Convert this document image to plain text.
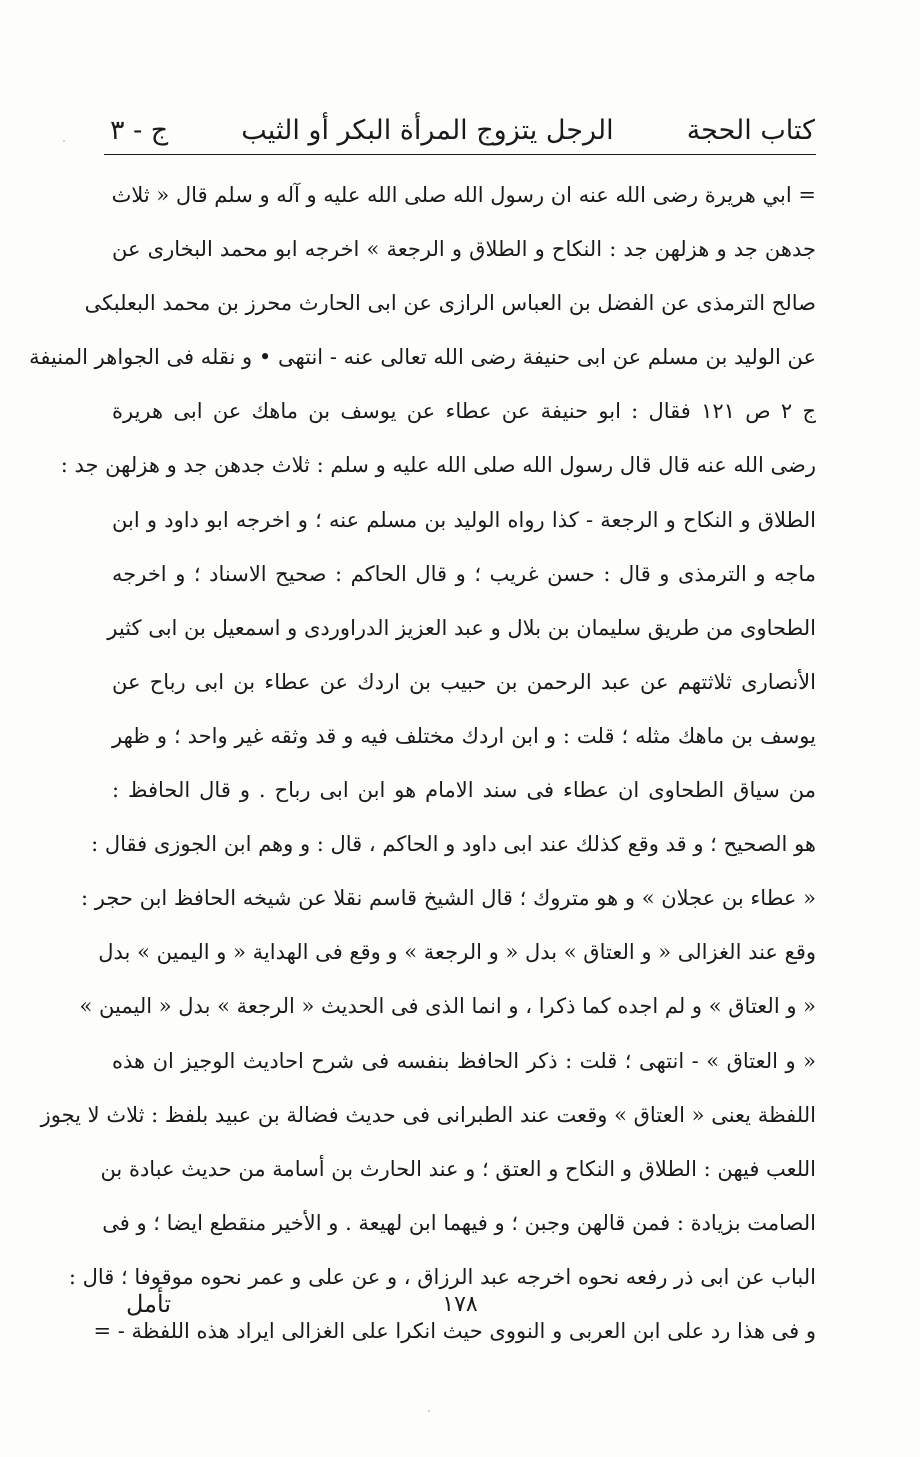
كتاب الحجة
الرجل يتزوج المرأة البكر أو الثيب
ج - ٣
= ابي هريرة رضى الله عنه ان رسول الله صلى الله عليه و آله و سلم قال « ثلاث
جدهن جد و هزلهن جد : النكاح و الطلاق و الرجعة » اخرجه ابو محمد البخارى عن
صالح الترمذى عن الفضل بن العباس الرازى عن ابى الحارث محرز بن محمد البعلبكى
عن الوليد بن مسلم عن ابى حنيفة رضى الله تعالى عنه - انتهى • و نقله فى الجواهر المنيفة
ج ٢ ص ١٢١ فقال : ابو حنيفة عن عطاء عن يوسف بن ماهك عن ابى هريرة
رضى الله عنه قال قال رسول الله صلى الله عليه و سلم : ثلاث جدهن جد و هزلهن جد :
الطلاق و النكاح و الرجعة - كذا رواه الوليد بن مسلم عنه ؛ و اخرجه ابو داود و ابن
ماجه و الترمذى و قال : حسن غريب ؛ و قال الحاكم : صحيح الاسناد ؛ و اخرجه
الطحاوى من طريق سليمان بن بلال و عبد العزيز الدراوردى و اسمعيل بن ابى كثير
الأنصارى ثلاثتهم عن عبد الرحمن بن حبيب بن اردك عن عطاء بن ابى رباح عن
يوسف بن ماهك مثله ؛ قلت : و ابن اردك مختلف فيه و قد وثقه غير واحد ؛ و ظهر
من سياق الطحاوى ان عطاء فى سند الامام هو ابن ابى رباح . و قال الحافظ :
هو الصحيح ؛ و قد وقع كذلك عند ابى داود و الحاكم ، قال : و وهم ابن الجوزى فقال :
« عطاء بن عجلان » و هو متروك ؛ قال الشيخ قاسم نقلا عن شيخه الحافظ ابن حجر :
وقع عند الغزالى « و العتاق » بدل « و الرجعة » و وقع فى الهداية « و اليمين » بدل
« و العتاق » و لم اجده كما ذكرا ، و انما الذى فى الحديث « الرجعة » بدل « اليمين »
« و العتاق » - انتهى ؛ قلت : ذكر الحافظ بنفسه فى شرح احاديث الوجيز ان هذه
اللفظة يعنى « العتاق » وقعت عند الطبرانى فى حديث فضالة بن عبيد بلفظ : ثلاث لا يجوز
اللعب فيهن : الطلاق و النكاح و العتق ؛ و عند الحارث بن أسامة من حديث عبادة بن
الصامت بزيادة : فمن قالهن وجبن ؛ و فيهما ابن لهيعة . و الأخير منقطع ايضا ؛ و فى
الباب عن ابى ذر رفعه نحوه اخرجه عبد الرزاق ، و عن على و عمر نحوه موقوفا ؛ قال :
و فى هذا رد على ابن العربى و النووى حيث انكرا على الغزالى ايراد هذه اللفظة - =
١٧٨
تأمل
